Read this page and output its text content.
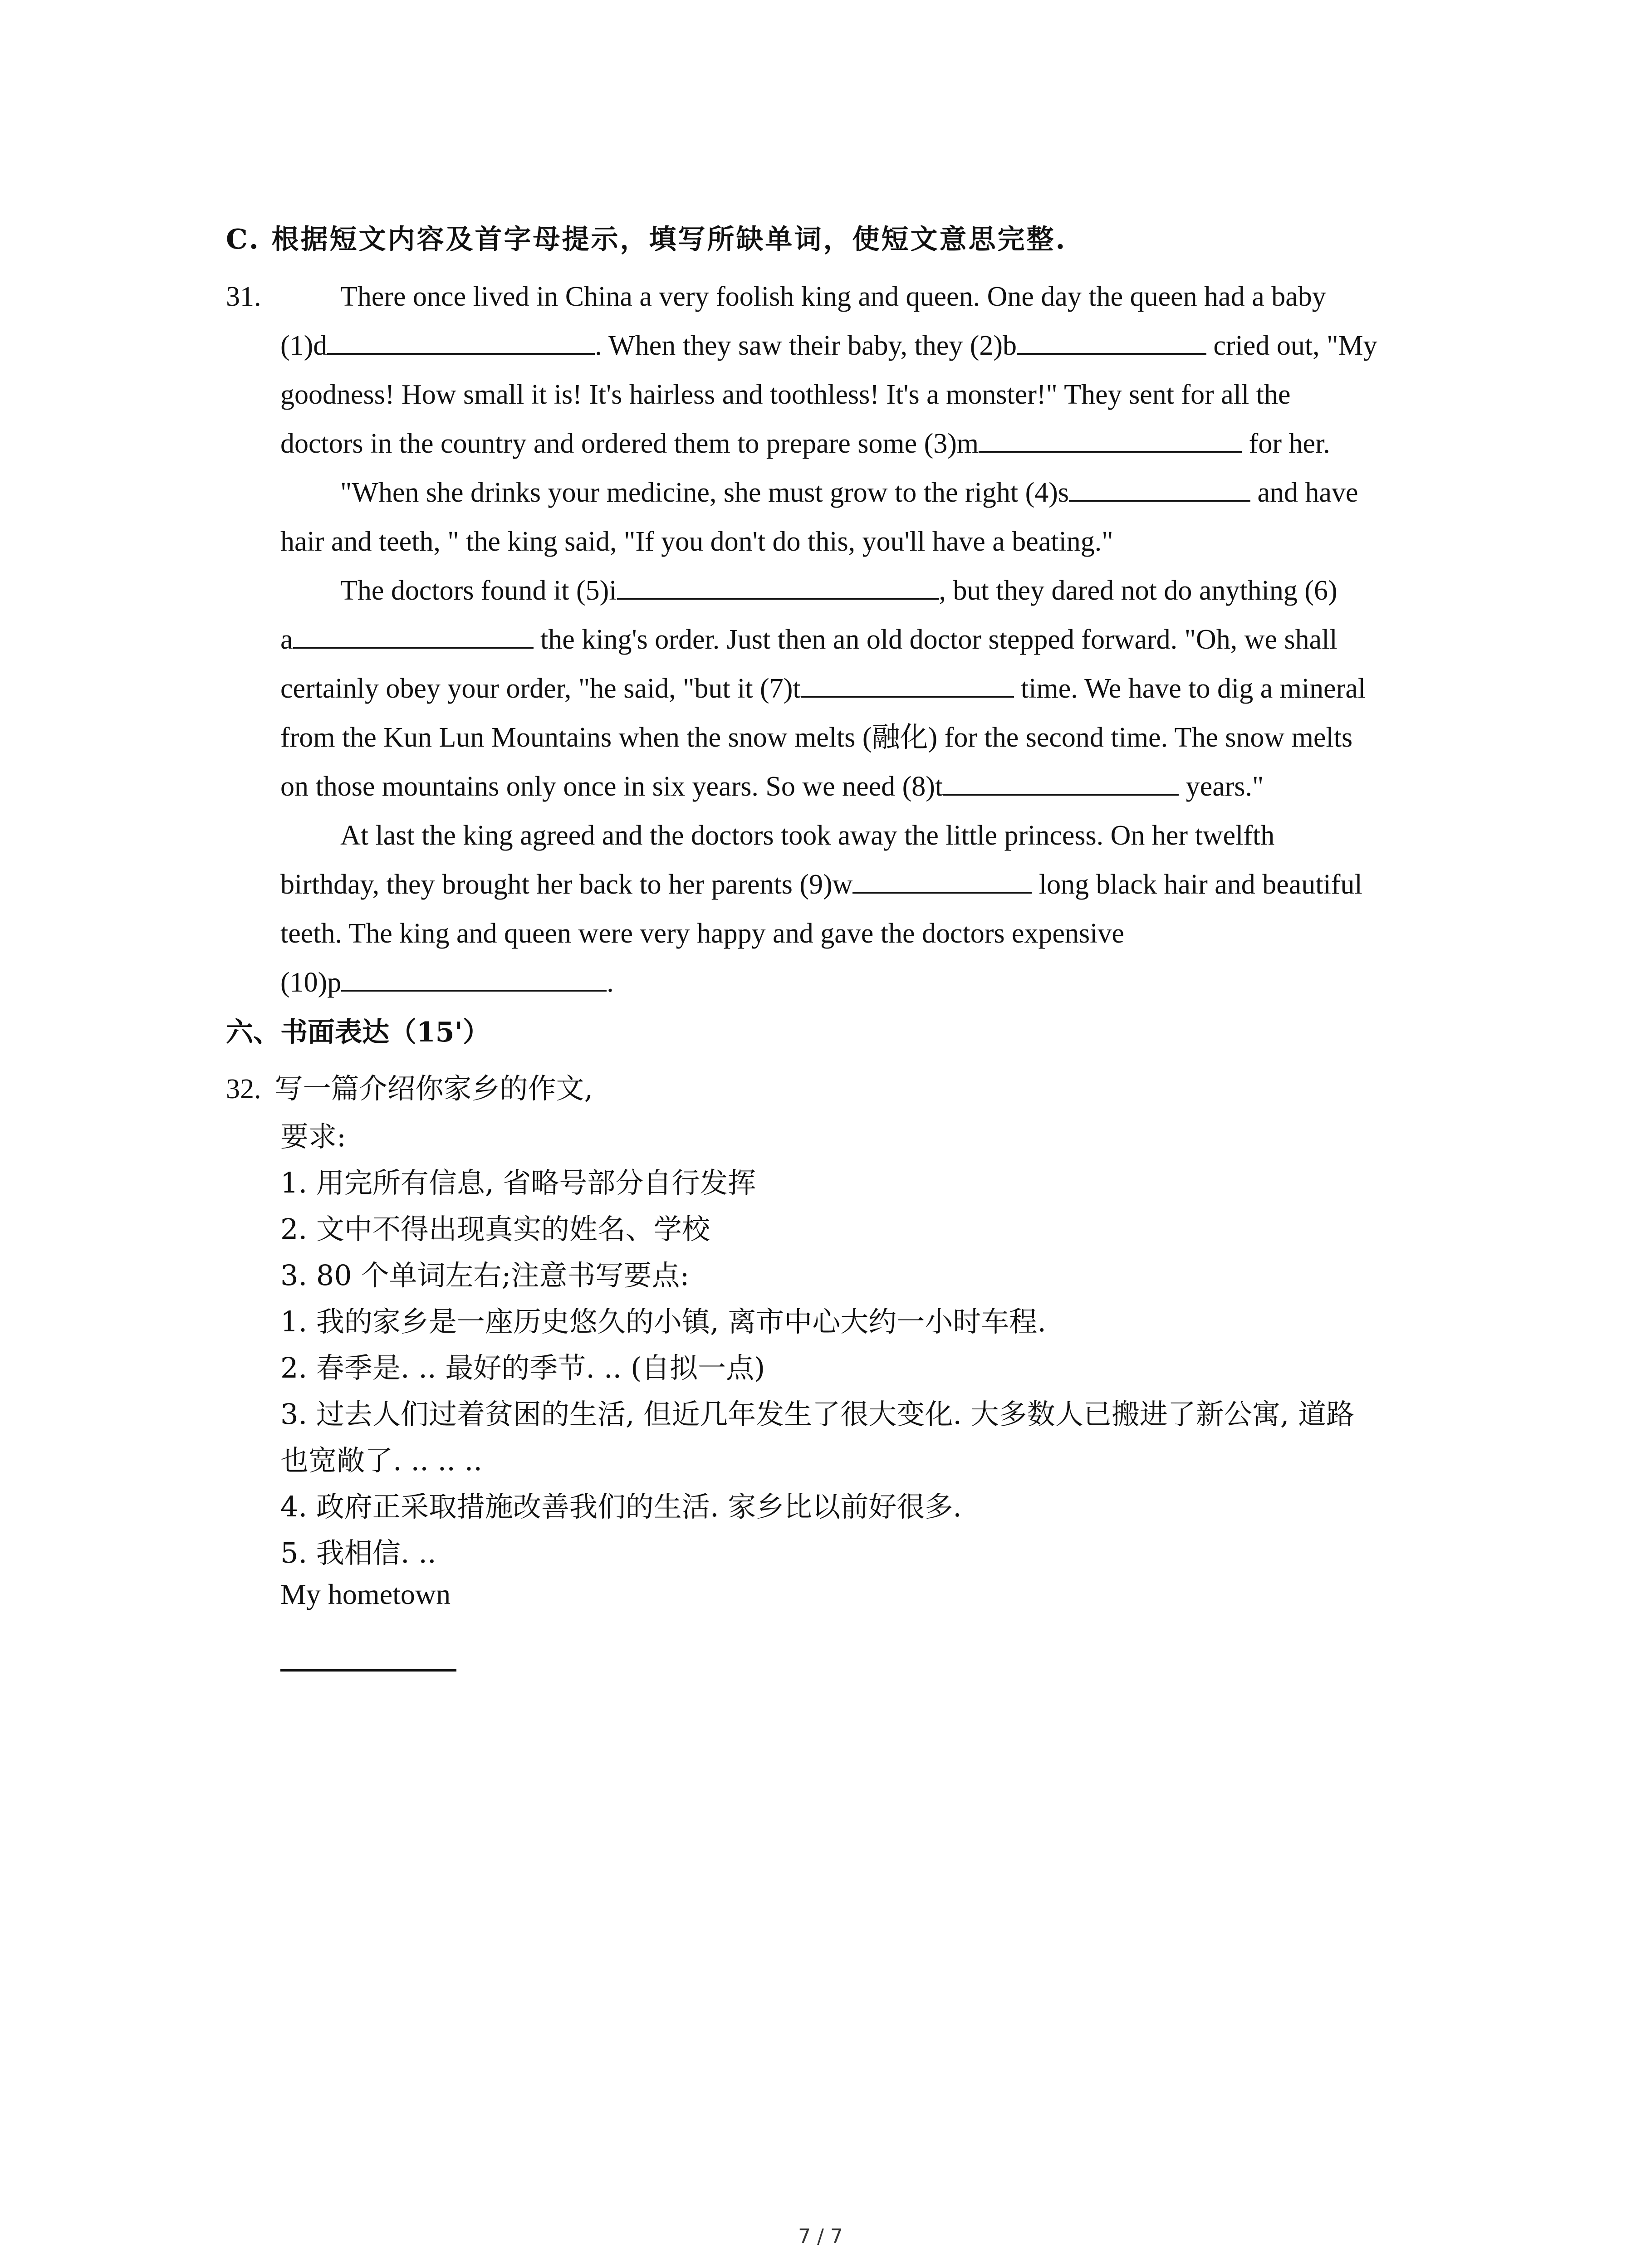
C. 根据短文内容及首字母提示，填写所缺单词，使短文意思完整.
31.	There once lived in China a very foolish king and queen. One day the queen had a baby
(1)d	. When they saw their baby, they (2)b	cried out, "My
goodness! How small it is! It's hairless and toothless! It's a monster!" They sent for all the
doctors in the country and ordered them to prepare some (3)m	for her.
"When she drinks your medicine, she must grow to the right (4)s	and have
hair and teeth, " the king said, "If you don't do this, you'll have a beating."
The doctors found it (5)i	, but they dared not do anything (6)
a	the king's order. Just then an old doctor stepped forward. "Oh, we shall
certainly obey your order, "he said, "but it (7)t	time. We have to dig a mineral
from the Kun Lun Mountains when the snow melts (融化) for the second time. The snow melts
on those mountains only once in six years. So we need (8)t	years."
At last the king agreed and the doctors took away the little princess. On her twelfth
birthday, they brought her back to her parents (9)w	long black hair and beautiful
teeth. The king and queen were very happy and gave the doctors expensive
(10)p	.
六、书面表达（15'）
32. 写一篇介绍你家乡的作文,
要求:
1. 用完所有信息, 省略号部分自行发挥
2. 文中不得出现真实的姓名、学校
3. 80 个单词左右;注意书写要点:
1. 我的家乡是一座历史悠久的小镇, 离市中心大约一小时车程.
2. 春季是. .. 最好的季节. .. (自拟一点)
3. 过去人们过着贫困的生活, 但近几年发生了很大变化. 大多数人已搬进了新公寓, 道路
也宽敞了. .. .. ..
4. 政府正采取措施改善我们的生活. 家乡比以前好很多.
5. 我相信. ..
My hometown
7 / 7
